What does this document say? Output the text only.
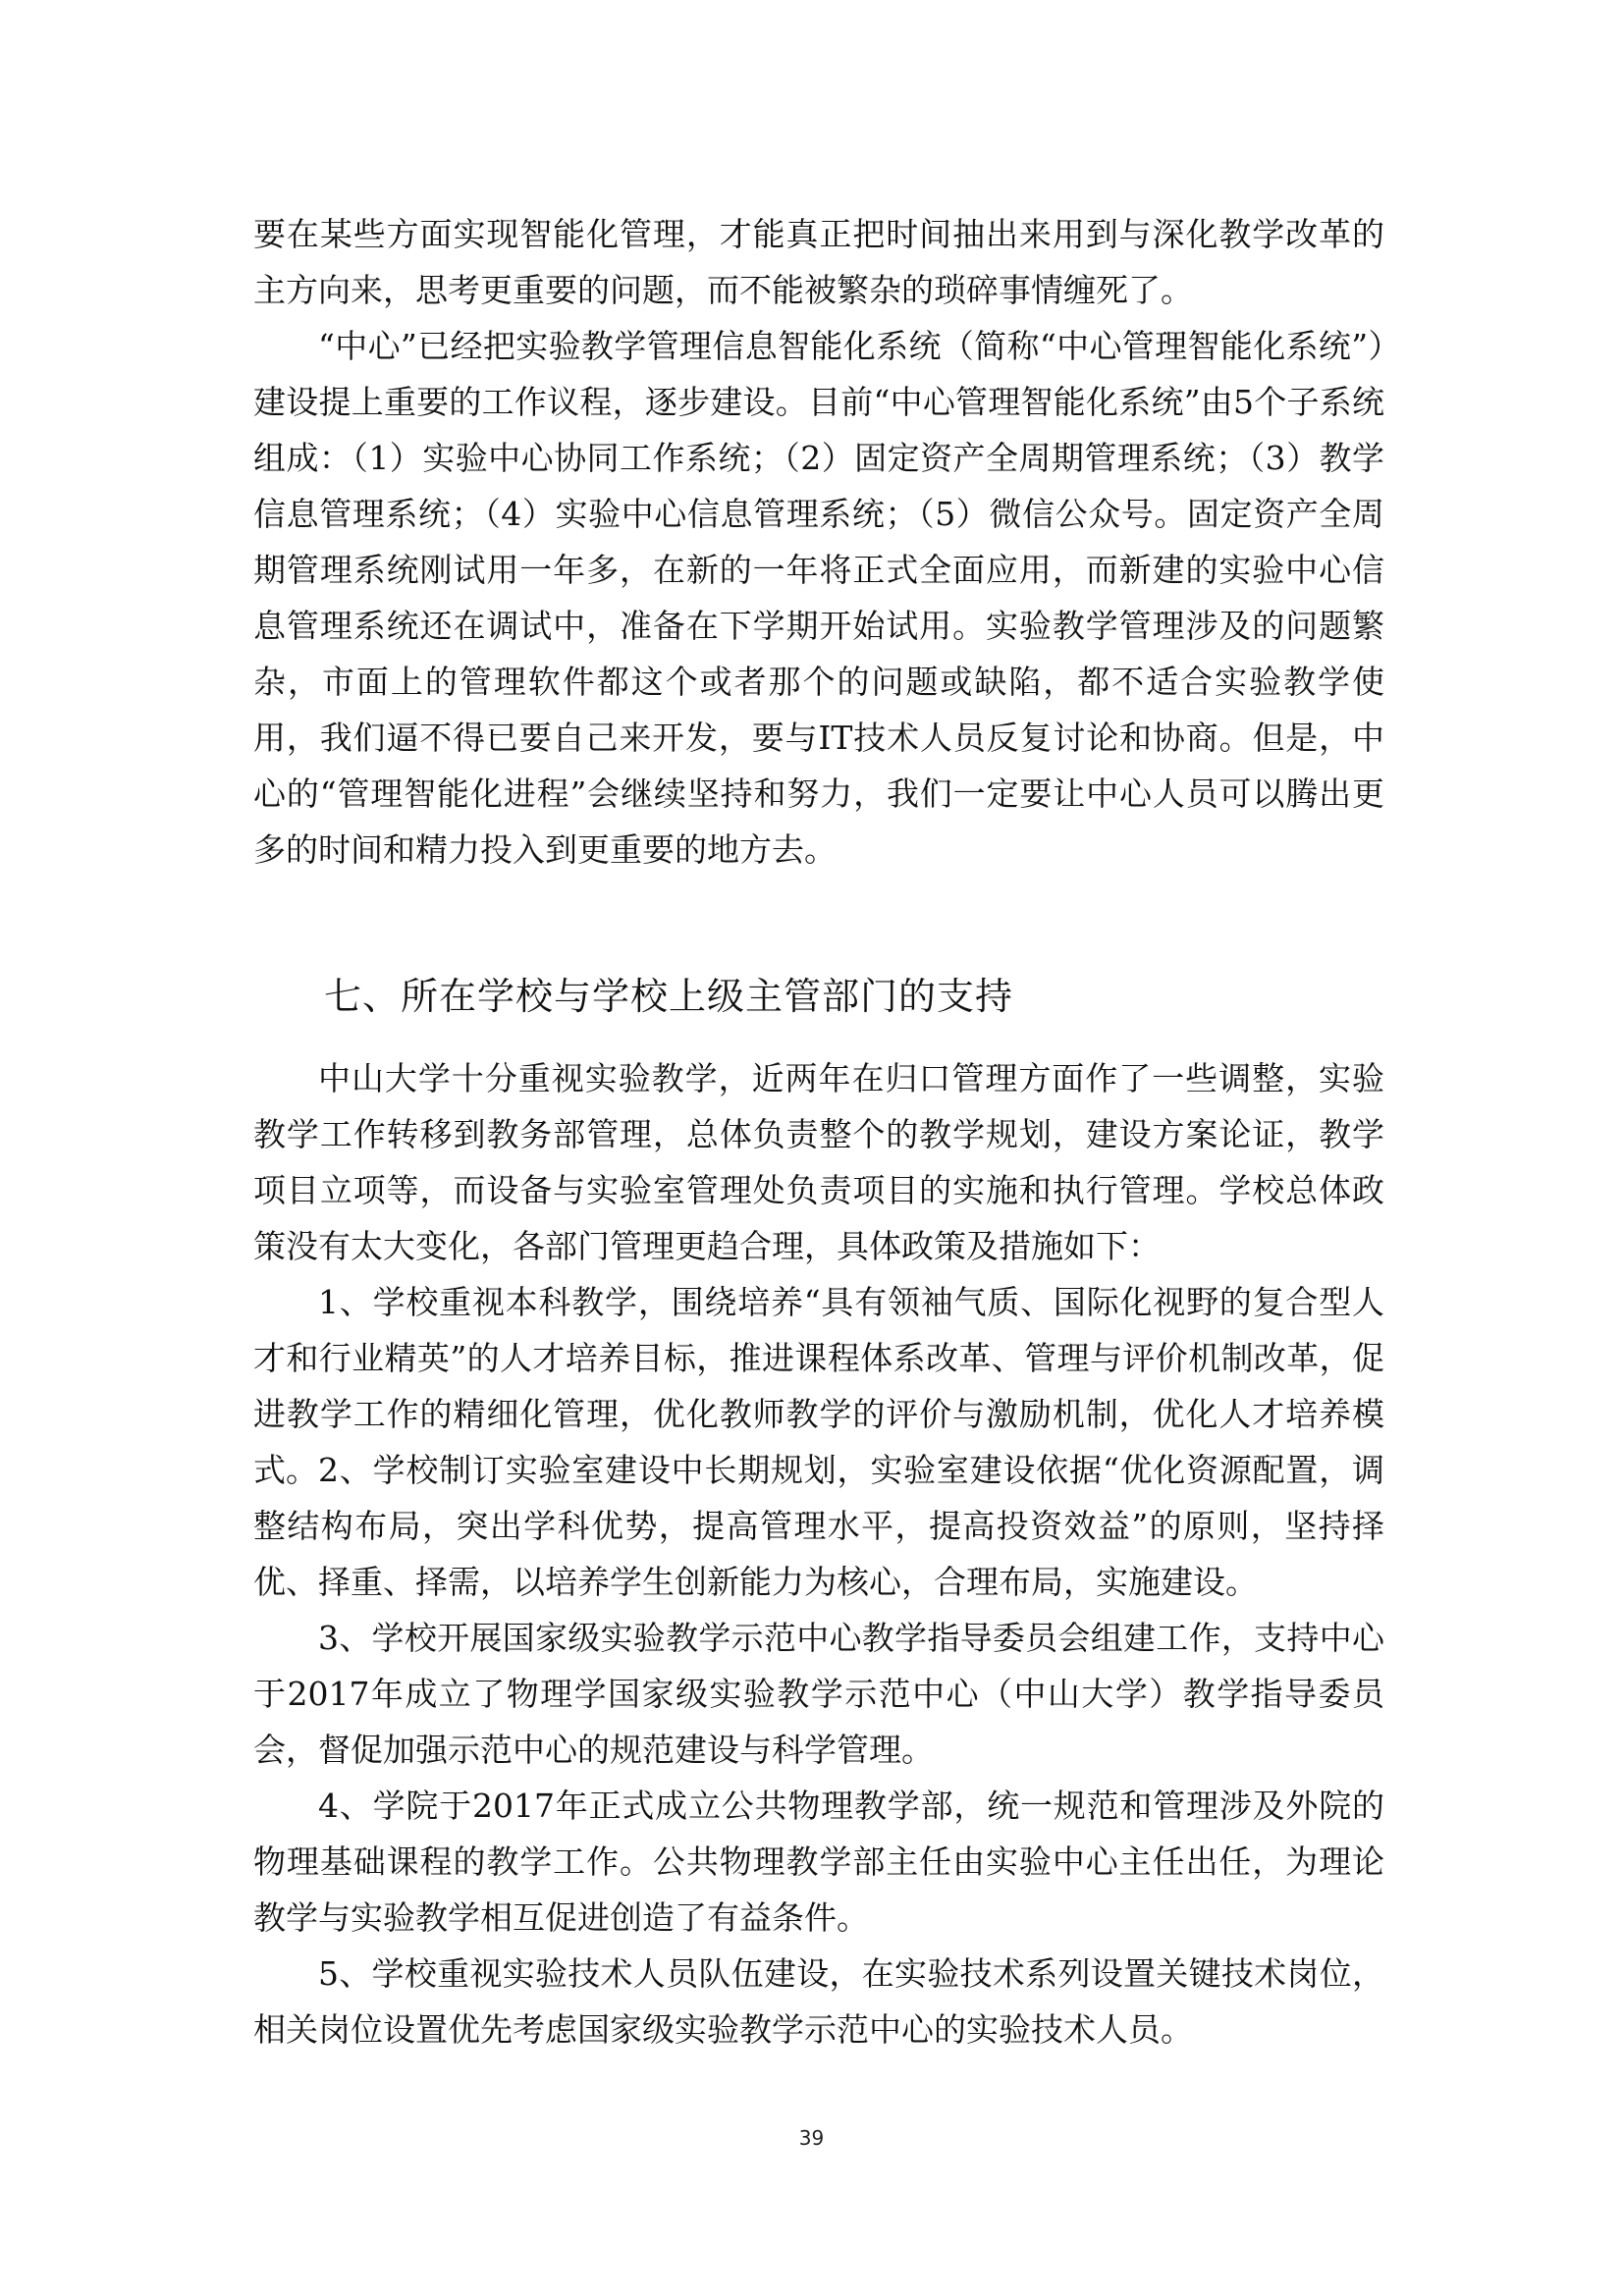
要在某些方面实现智能化管理，才能真正把时间抽出来用到与深化教学改革的主方向来，思考更重要的问题，而不能被繁杂的琐碎事情缠死了。

“中心”已经把实验教学管理信息智能化系统（简称“中心管理智能化系统”）建设提上重要的工作议程，逐步建设。目前“中心管理智能化系统”由5个子系统组成：（1）实验中心协同工作系统；（2）固定资产全周期管理系统；（3）教学信息管理系统；（4）实验中心信息管理系统；（5）微信公众号。固定资产全周期管理系统刚试用一年多，在新的一年将正式全面应用，而新建的实验中心信息管理系统还在调试中，准备在下学期开始试用。实验教学管理涉及的问题繁杂，市面上的管理软件都这个或者那个的问题或缺陷，都不适合实验教学使用，我们逼不得已要自己来开发，要与IT技术人员反复讨论和协商。但是，中心的“管理智能化进程”会继续坚持和努力，我们一定要让中心人员可以腾出更多的时间和精力投入到更重要的地方去。

七、所在学校与学校上级主管部门的支持

中山大学十分重视实验教学，近两年在归口管理方面作了一些调整，实验教学工作转移到教务部管理，总体负责整个的教学规划，建设方案论证，教学项目立项等，而设备与实验室管理处负责项目的实施和执行管理。学校总体政策没有太大变化，各部门管理更趋合理，具体政策及措施如下：

1、学校重视本科教学，围绕培养“具有领袖气质、国际化视野的复合型人才和行业精英”的人才培养目标，推进课程体系改革、管理与评价机制改革，促进教学工作的精细化管理，优化教师教学的评价与激励机制，优化人才培养模式。 2、学校制订实验室建设中长期规划，实验室建设依据“优化资源配置，调整结构布局，突出学科优势，提高管理水平，提高投资效益”的原则，坚持择优、择重、择需，以培养学生创新能力为核心，合理布局，实施建设。

3、学校开展国家级实验教学示范中心教学指导委员会组建工作，支持中心于2017年成立了物理学国家级实验教学示范中心（中山大学）教学指导委员会，督促加强示范中心的规范建设与科学管理。

4、学院于2017年正式成立公共物理教学部，统一规范和管理涉及外院的物理基础课程的教学工作。公共物理教学部主任由实验中心主任出任，为理论教学与实验教学相互促进创造了有益条件。

5、学校重视实验技术人员队伍建设，在实验技术系列设置关键技术岗位，相关岗位设置优先考虑国家级实验教学示范中心的实验技术人员。

39
